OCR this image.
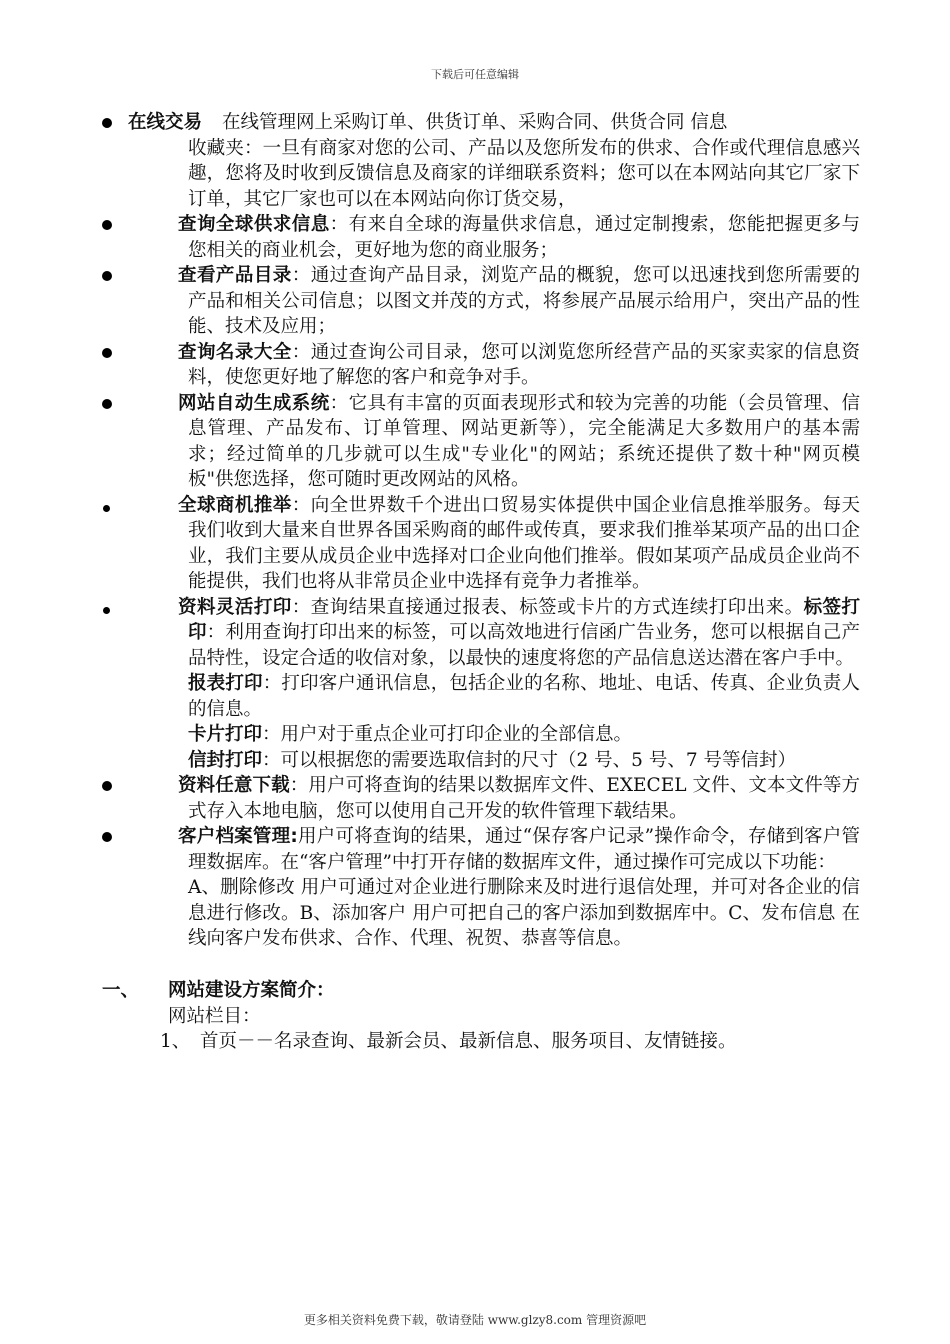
下载后可任意编辑
在线交易	在线管理网上采购订单、供货订单、采购合同、供货合同 信息
收藏夹：一旦有商家对您的公司、产品以及您所发布的供求、合作或代理信息感兴趣，您将及时收到反馈信息及商家的详细联系资料；您可以在本网站向其它厂家下订单，其它厂家也可以在本网站向你订货交易，
查询全球供求信息：有来自全球的海量供求信息，通过定制搜索，您能把握更多与您相关的商业机会，更好地为您的商业服务；
查看产品目录：通过查询产品目录，浏览产品的概貌，您可以迅速找到您所需要的产品和相关公司信息；以图文并茂的方式，将参展产品展示给用户，突出产品的性能、技术及应用；
查询名录大全：通过查询公司目录，您可以浏览您所经营产品的买家卖家的信息资料，使您更好地了解您的客户和竞争对手。
网站自动生成系统：它具有丰富的页面表现形式和较为完善的功能（会员管理、信息管理、产品发布、订单管理、网站更新等），完全能满足大多数用户的基本需求；经过简单的几步就可以生成"专业化"的网站；系统还提供了数十种"网页模板"供您选择，您可随时更改网站的风格。
全球商机推举：向全世界数千个进出口贸易实体提供中国企业信息推举服务。每天我们收到大量来自世界各国采购商的邮件或传真，要求我们推举某项产品的出口企业，我们主要从成员企业中选择对口企业向他们推举。假如某项产品成员企业尚不能提供，我们也将从非常员企业中选择有竞争力者推举。
资料灵活打印：查询结果直接通过报表、标签或卡片的方式连续打印出来。标签打印：利用查询打印出来的标签，可以高效地进行信函广告业务，您可以根据自己产品特性，设定合适的收信对象，以最快的速度将您的产品信息送达潜在客户手中。
报表打印：打印客户通讯信息，包括企业的名称、地址、电话、传真、企业负责人的信息。
卡片打印：用户对于重点企业可打印企业的全部信息。
信封打印：可以根据您的需要选取信封的尺寸（2 号、5 号、7 号等信封）
资料任意下载：用户可将查询的结果以数据库文件、EXECEL 文件、文本文件等方式存入本地电脑，您可以使用自己开发的软件管理下载结果。
客户档案管理:用户可将查询的结果，通过“保存客户记录”操作命令，存储到客户管理数据库。在“客户管理”中打开存储的数据库文件，通过操作可完成以下功能：
A、删除修改 用户可通过对企业进行删除来及时进行退信处理，并可对各企业的信息进行修改。B、添加客户 用户可把自己的客户添加到数据库中。C、发布信息 在线向客户发布供求、合作、代理、祝贺、恭喜等信息。
一、 网站建设方案简介：
网站栏目：
1、 首页－－名录查询、最新会员、最新信息、服务项目、友情链接。
更多相关资料免费下载，敬请登陆 www.glzy8.com 管理资源吧
